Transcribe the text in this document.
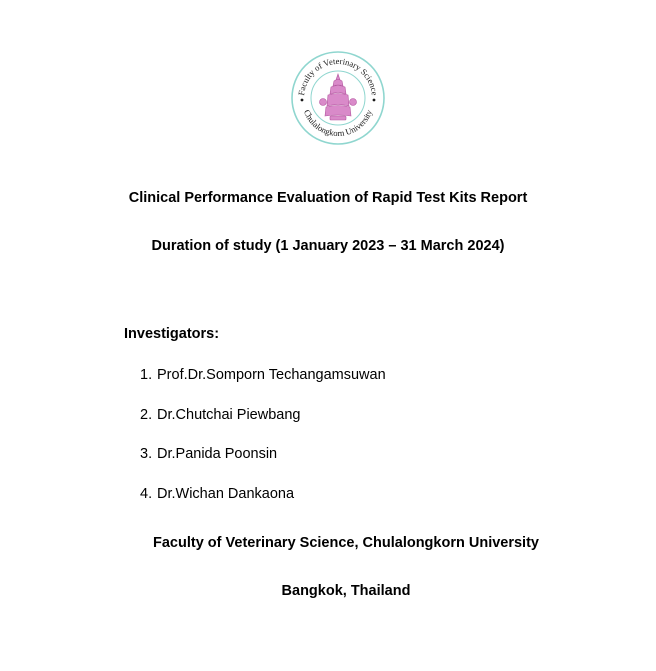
Faculty of Veterinary Science
Chulalongkorn University
Clinical Performance Evaluation of Rapid Test Kits Report
Duration of study (1 January 2023 – 31 March 2024)
Investigators:
1. Prof.Dr.Somporn Techangamsuwan
2. Dr.Chutchai Piewbang
3. Dr.Panida Poonsin
4. Dr.Wichan Dankaona
Faculty of Veterinary Science, Chulalongkorn University
Bangkok, Thailand
